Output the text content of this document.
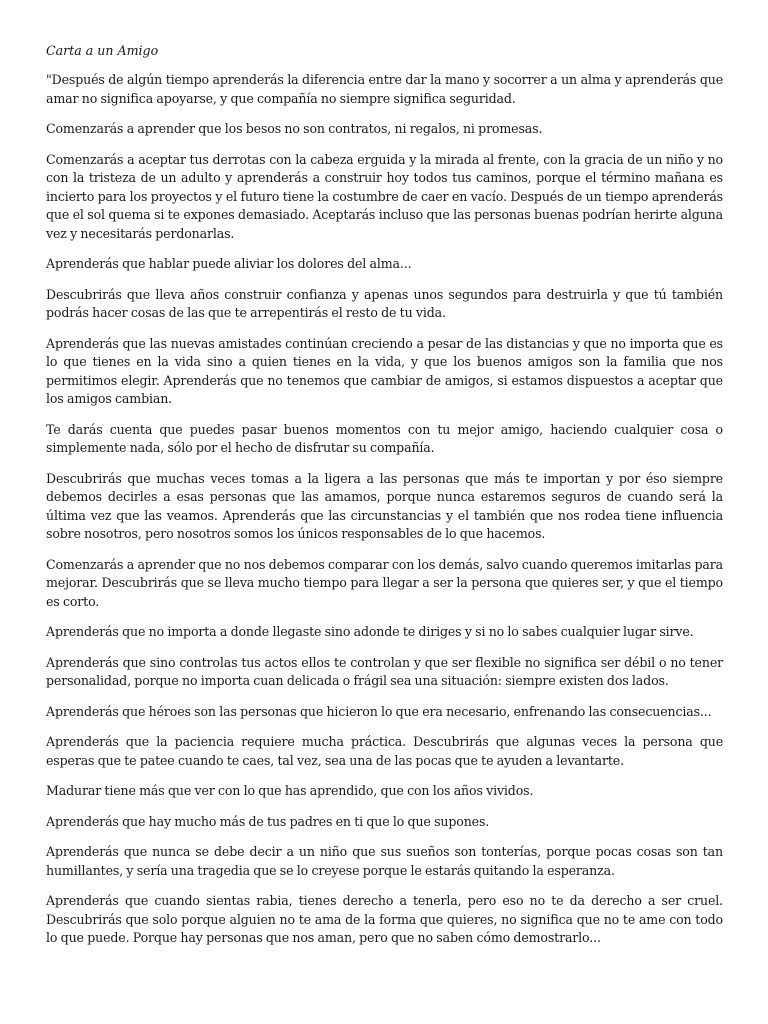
Carta a un Amigo

"Después de algún tiempo aprenderás la diferencia entre dar la mano y socorrer a un alma y aprenderás que amar no significa apoyarse, y que compañía no siempre significa seguridad.

Comenzarás a aprender que los besos no son contratos, ni regalos, ni promesas.

Comenzarás a aceptar tus derrotas con la cabeza erguida y la mirada al frente, con la gracia de un niño y no con la tristeza de un adulto y aprenderás a construir hoy todos tus caminos, porque el término mañana es incierto para los proyectos y el futuro tiene la costumbre de caer en vacío. Después de un tiempo aprenderás que el sol quema si te expones demasiado. Aceptarás incluso que las personas buenas podrían herirte alguna vez y necesitarás perdonarlas.

Aprenderás que hablar puede aliviar los dolores del alma...

Descubrirás que lleva años construir confianza y apenas unos segundos para destruirla y que tú también podrás hacer cosas de las que te arrepentirás el resto de tu vida.

Aprenderás que las nuevas amistades continúan creciendo a pesar de las distancias y que no importa que es lo que tienes en la vida sino a quien tienes en la vida, y que los buenos amigos son la familia que nos permitimos elegir. Aprenderás que no tenemos que cambiar de amigos, si estamos dispuestos a aceptar que los amigos cambian.

Te darás cuenta que puedes pasar buenos momentos con tu mejor amigo, haciendo cualquier cosa o simplemente nada, sólo por el hecho de disfrutar su compañía.

Descubrirás que muchas veces tomas a la ligera a las personas que más te importan y por éso siempre debemos decirles a esas personas que las amamos, porque nunca estaremos seguros de cuando será la última vez que las veamos. Aprenderás que las circunstancias y el también que nos rodea tiene influencia sobre nosotros, pero nosotros somos los únicos responsables de lo que hacemos.

Comenzarás a aprender que no nos debemos comparar con los demás, salvo cuando queremos imitarlas para mejorar. Descubrirás que se lleva mucho tiempo para llegar a ser la persona que quieres ser, y que el tiempo es corto.

Aprenderás que no importa a donde llegaste sino adonde te diriges y si no lo sabes cualquier lugar sirve.

Aprenderás que sino controlas tus actos ellos te controlan y que ser flexible no significa ser débil o no tener personalidad, porque no importa cuan delicada o frágil sea una situación: siempre existen dos lados.

Aprenderás que héroes son las personas que hicieron lo que era necesario, enfrenando las consecuencias...

Aprenderás que la paciencia requiere mucha práctica. Descubrirás que algunas veces la persona que esperas que te patee cuando te caes, tal vez, sea una de las pocas que te ayuden a levantarte.

Madurar tiene más que ver con lo que has aprendido, que con los años vividos.

Aprenderás que hay mucho más de tus padres en ti que lo que supones.

Aprenderás que nunca se debe decir a un niño que sus sueños son tonterías, porque pocas cosas son tan humillantes, y sería una tragedia que se lo creyese porque le estarás quitando la esperanza.

Aprenderás que cuando sientas rabia, tienes derecho a tenerla, pero eso no te da derecho a ser cruel. Descubrirás que solo porque alguien no te ama de la forma que quieres, no significa que no te ame con todo lo que puede. Porque hay personas que nos aman, pero que no saben cómo demostrarlo...
